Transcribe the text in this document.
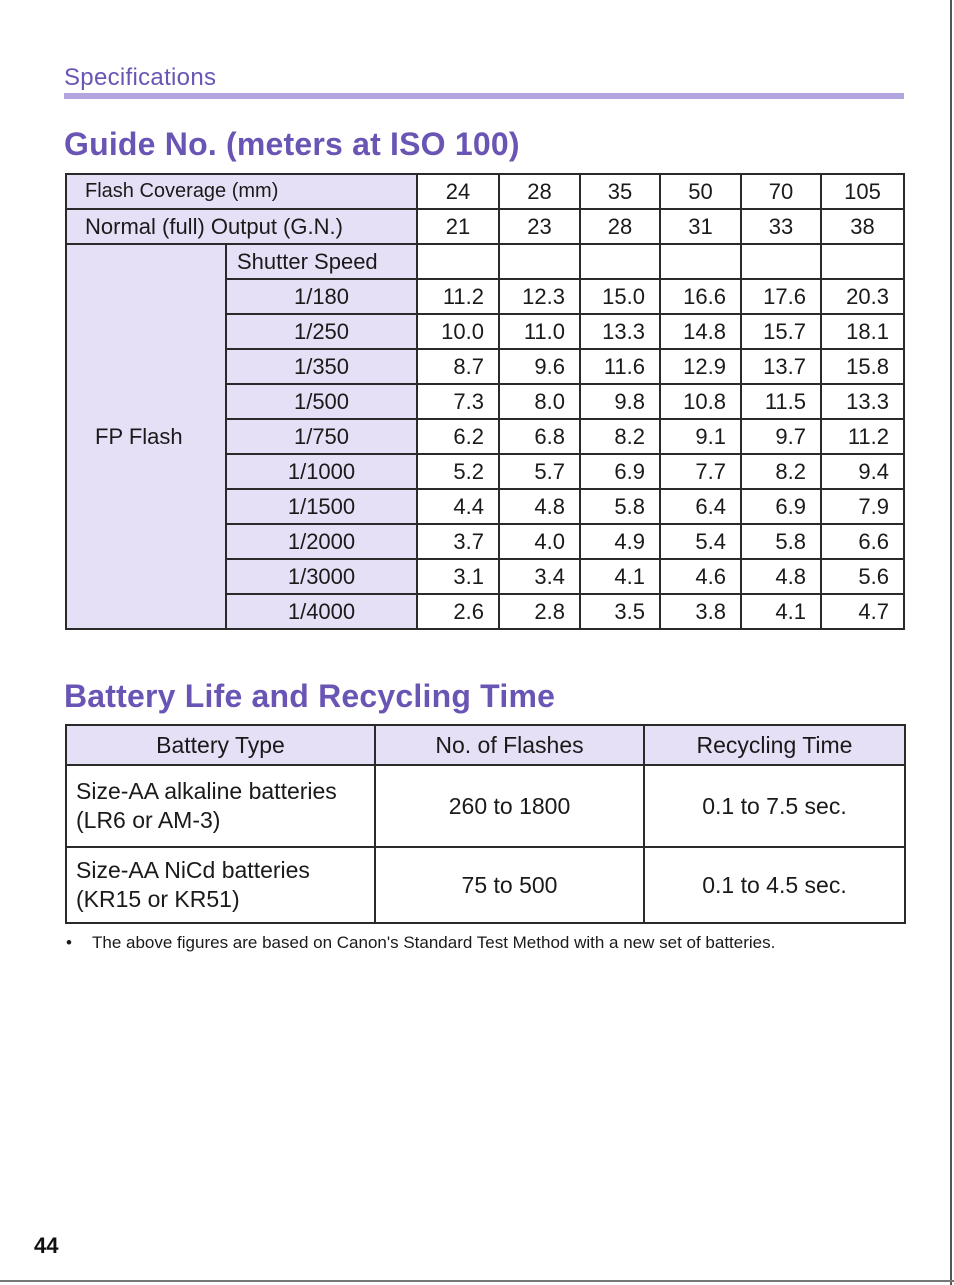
Specifications
Guide No. (meters at ISO 100)
Flash Coverage (mm)		24	28	35	50	70	105
Normal (full) Output (G.N.)		21	23	28	31	33	38
FP Flash	Shutter Speed						
	1/180	11.2	12.3	15.0	16.6	17.6	20.3
	1/250	10.0	11.0	13.3	14.8	15.7	18.1
	1/350	8.7	9.6	11.6	12.9	13.7	15.8
	1/500	7.3	8.0	9.8	10.8	11.5	13.3
	1/750	6.2	6.8	8.2	9.1	9.7	11.2
	1/1000	5.2	5.7	6.9	7.7	8.2	9.4
	1/1500	4.4	4.8	5.8	6.4	6.9	7.9
	1/2000	3.7	4.0	4.9	5.4	5.8	6.6
	1/3000	3.1	3.4	4.1	4.6	4.8	5.6
	1/4000	2.6	2.8	3.5	3.8	4.1	4.7
Battery Life and Recycling Time
Battery Type	No. of Flashes	Recycling Time

Size-AA alkaline batteries
(LR6 or AM-3)	260 to 1800	0.1 to 7.5 sec.

Size-AA NiCd batteries
(KR15 or KR51)	75 to 500	0.1 to 4.5 sec.
• The above figures are based on Canon's Standard Test Method with a new set of batteries.
44
